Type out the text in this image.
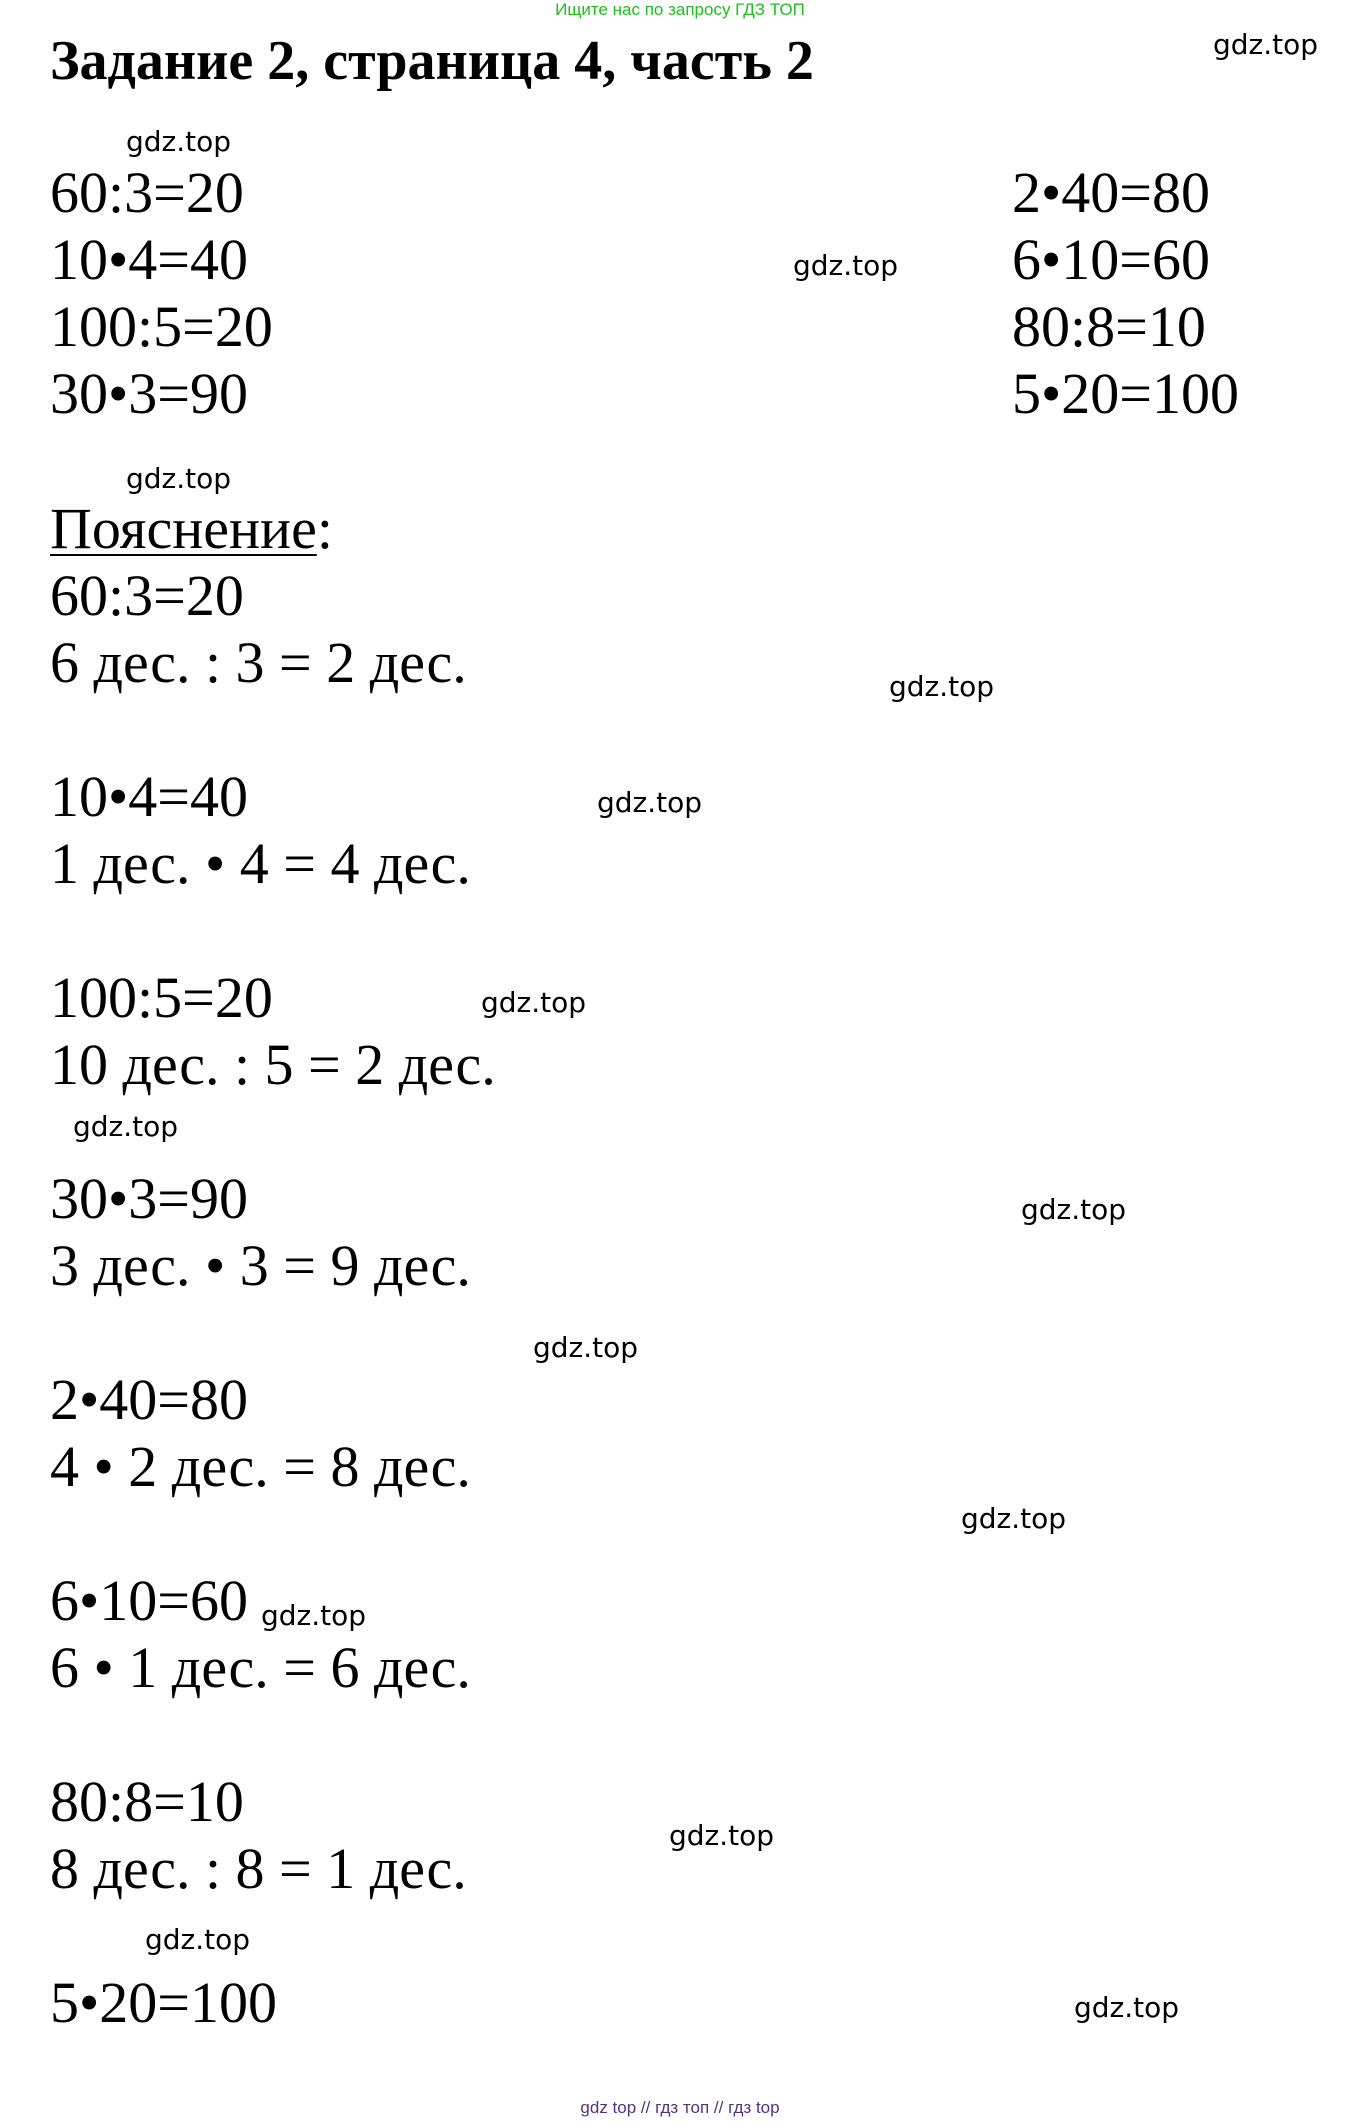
Ищите нас по запросу ГДЗ ТОП
Задание 2, страница 4, часть 2
60:3=20
10•4=40
100:5=20
30•3=90
2•40=80
6•10=60
80:8=10
5•20=100
Пояснение:
60:3=20
6 дес. : 3 = 2 дес.
10•4=40
1 дес. • 4 = 4 дес.
100:5=20
10 дес. : 5 = 2 дес.
30•3=90
3 дес. • 3 = 9 дес.
2•40=80
4 • 2 дес. = 8 дес.
6•10=60
6 • 1 дес. = 6 дес.
80:8=10
8 дес. : 8 = 1 дес.
5•20=100
gdz.top
gdz.top
gdz.top
gdz.top
gdz.top
gdz.top
gdz.top
gdz.top
gdz.top
gdz.top
gdz.top
gdz.top
gdz.top
gdz.top
gdz.top
gdz top // гдз топ // гдз top
